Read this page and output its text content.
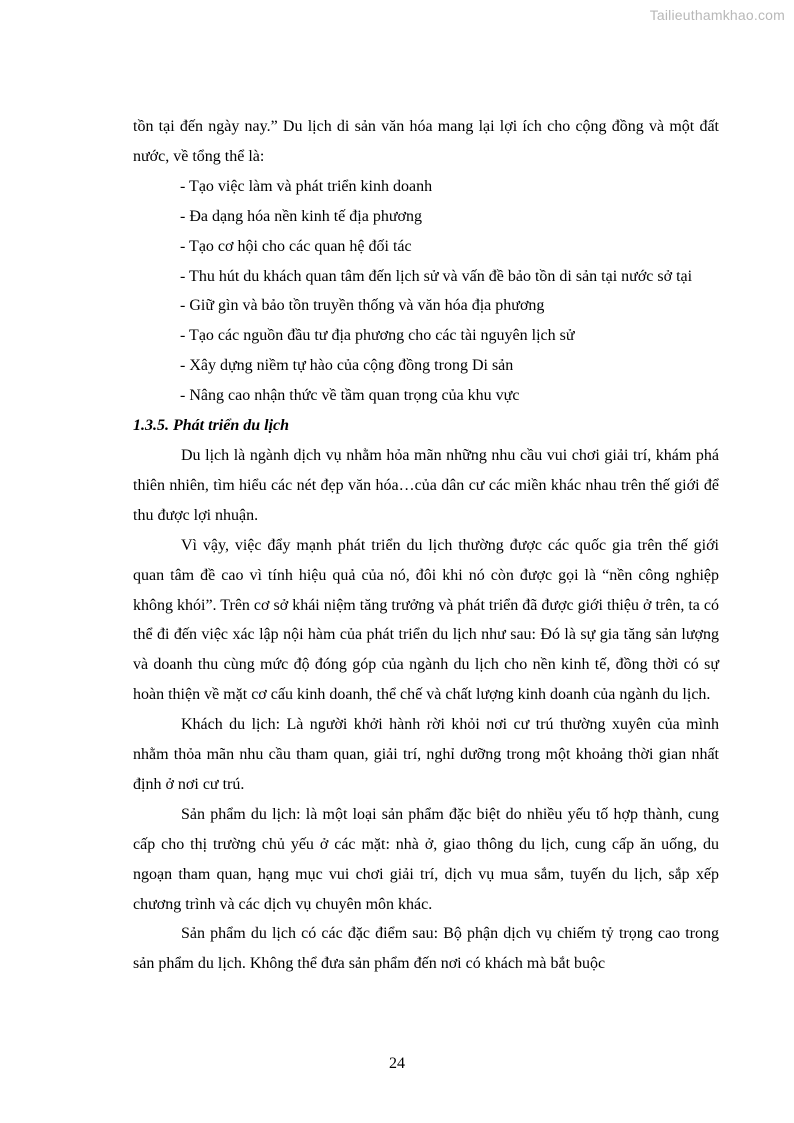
Tailieuthamkhao.com

tồn tại đến ngày nay.” Du lịch di sản văn hóa mang lại lợi ích cho cộng đồng và một đất nước, về tổng thể là:

- Tạo việc làm và phát triển kinh doanh

- Đa dạng hóa nền kinh tế địa phương

- Tạo cơ hội cho các quan hệ đối tác

- Thu hút du khách quan tâm đến lịch sử và vấn đề bảo tồn di sản tại nước sở tại

- Giữ gìn và bảo tồn truyền thống và văn hóa địa phương

- Tạo các nguồn đầu tư địa phương cho các tài nguyên lịch sử

- Xây dựng niềm tự hào của cộng đồng trong Di sản

- Nâng cao nhận thức về tầm quan trọng của khu vực

1.3.5. Phát triển du lịch

Du lịch là ngành dịch vụ nhằm hỏa mãn những nhu cầu vui chơi giải trí, khám phá thiên nhiên, tìm hiểu các nét đẹp văn hóa…của dân cư các miền khác nhau trên thế giới để thu được lợi nhuận.

Vì vậy, việc đẩy mạnh phát triển du lịch thường được các quốc gia trên thế giới quan tâm đề cao vì tính hiệu quả của nó, đôi khi nó còn được gọi là “nền công nghiệp không khói”. Trên cơ sở khái niệm tăng trưởng và phát triển đã được giới thiệu ở trên, ta có thể đi đến việc xác lập nội hàm của phát triển du lịch như sau: Đó là sự gia tăng sản lượng và doanh thu cùng mức độ đóng góp của ngành du lịch cho nền kinh tế, đồng thời có sự hoàn thiện về mặt cơ cấu kinh doanh, thể chế và chất lượng kinh doanh của ngành du lịch.

Khách du lịch: Là người khởi hành rời khỏi nơi cư trú thường xuyên của mình nhằm thỏa mãn nhu cầu tham quan, giải trí, nghỉ dưỡng trong một khoảng thời gian nhất định ở nơi cư trú.

Sản phẩm du lịch: là một loại sản phẩm đặc biệt do nhiều yếu tố hợp thành, cung cấp cho thị trường chủ yếu ở các mặt: nhà ở, giao thông du lịch, cung cấp ăn uống, du ngoạn tham quan, hạng mục vui chơi giải trí, dịch vụ mua sắm, tuyến du lịch, sắp xếp chương trình và các dịch vụ chuyên môn khác.

Sản phẩm du lịch có các đặc điểm sau: Bộ phận dịch vụ chiếm tỷ trọng cao trong sản phẩm du lịch. Không thể đưa sản phẩm đến nơi có khách mà bắt buộc

24
